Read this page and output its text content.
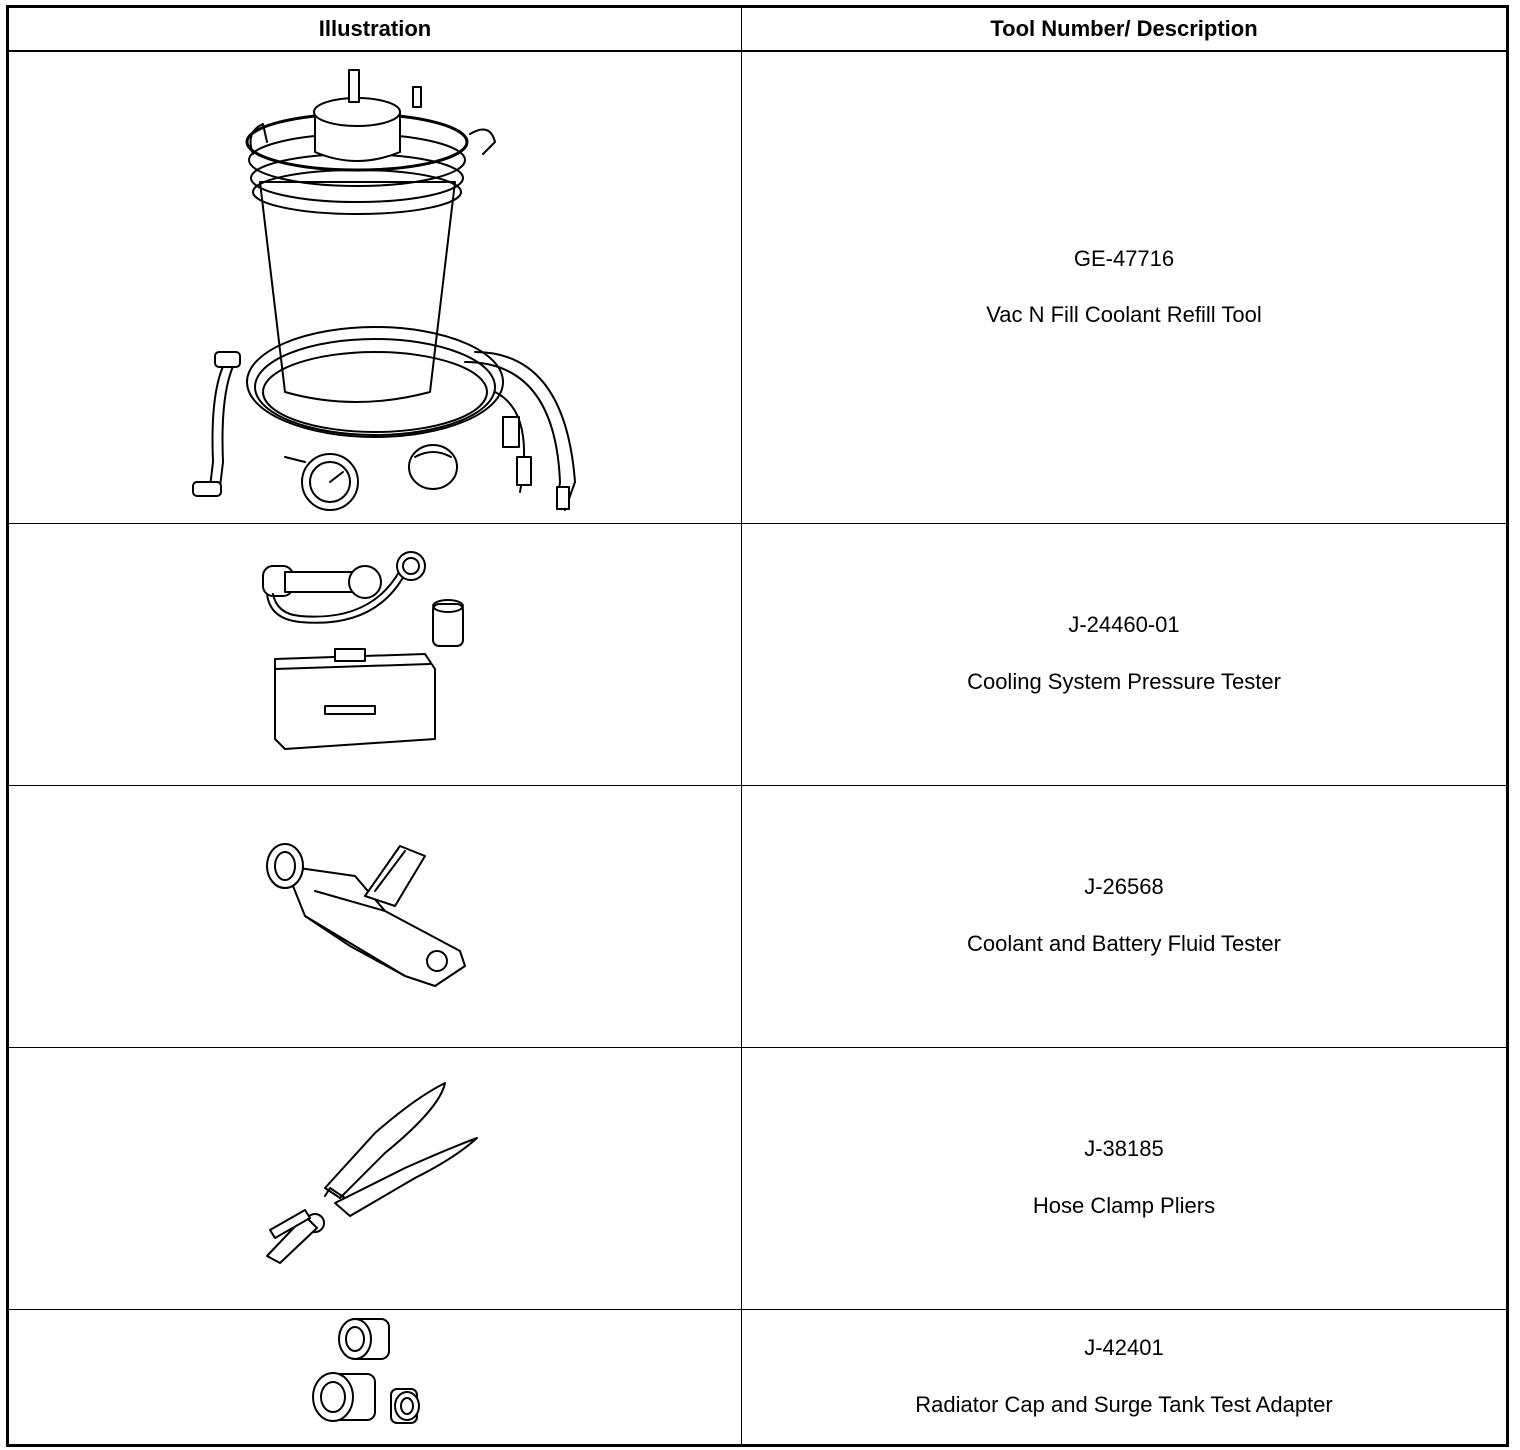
Illustration	Tool Number/ Description

GE-47716
Vac N Fill Coolant Refill Tool

J-24460-01
Cooling System Pressure Tester

J-26568
Coolant and Battery Fluid Tester

J-38185
Hose Clamp Pliers

J-42401
Radiator Cap and Surge Tank Test Adapter
